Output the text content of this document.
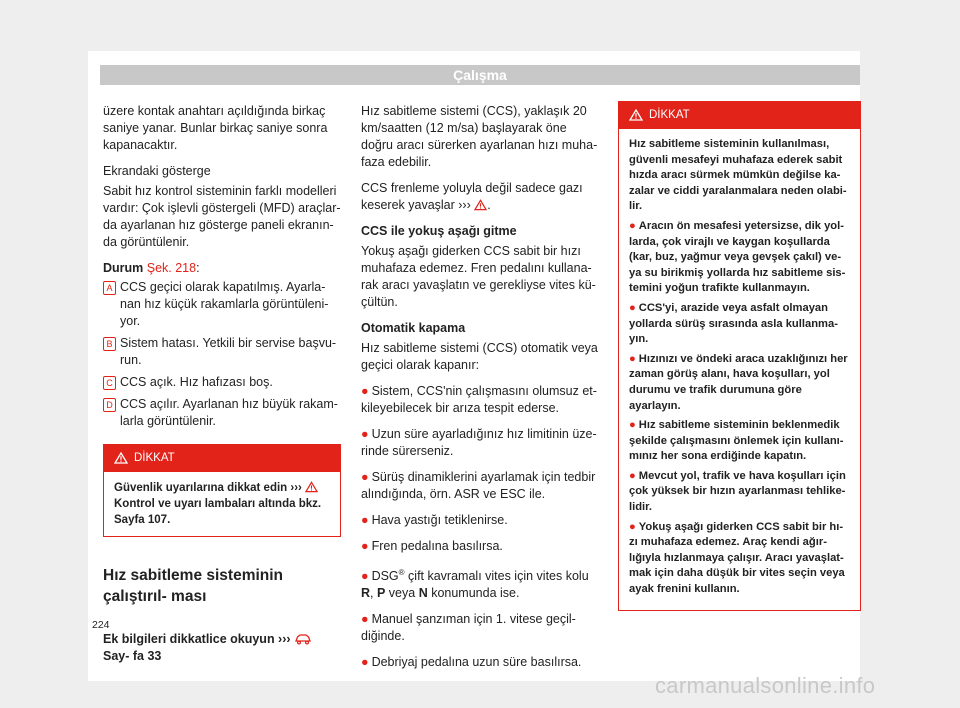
Çalışma

üzere kontak anahtarı açıldığında birkaç saniye yanar. Bunlar birkaç saniye sonra kapanacaktır.

Ekrandaki gösterge

Sabit hız kontrol sisteminin farklı modelleri vardır: Çok işlevli göstergeli (MFD) araçlar- da ayarlanan hız gösterge paneli ekranın- da görüntülenir.

Durum Şek. 218:
A CCS geçici olarak kapatılmış. Ayarla- nan hız küçük rakamlarla görüntüleni- yor.
B Sistem hatası. Yetkili bir servise başvu- run.
C CCS açık. Hız hafızası boş.
D CCS açılır. Ayarlanan hız büyük rakam- larla görüntülenir.
DİKKAT
Güvenlik uyarılarına dikkat edin ›››
Kontrol ve uyarı lambaları altında bkz. Sayfa 107.
Hız sabitleme sisteminin çalıştırıl- ması
Ek bilgileri dikkatlice okuyun ›››  Say- fa 33

Hız sabitleme sistemi (CCS), yaklaşık 20 km/saatten (12 m/sa) başlayarak öne doğru aracı sürerken ayarlanan hızı muha- faza edebilir.

CCS frenleme yoluyla değil sadece gazı keserek yavaşlar ››› .

CCS ile yokuş aşağı gitme

Yokuş aşağı giderken CCS sabit bir hızı muhafaza edemez. Fren pedalını kullana- rak aracı yavaşlatın ve gerekliyse vites kü- çültün.

Otomatik kapama

Hız sabitleme sistemi (CCS) otomatik veya geçici olarak kapanır:

● Sistem, CCS'nin çalışmasını olumsuz et- kileyebilecek bir arıza tespit ederse.

● Uzun süre ayarladığınız hız limitinin üze- rinde sürerseniz.

● Sürüş dinamiklerini ayarlamak için tedbir alındığında, örn. ASR ve ESC ile.

● Hava yastığı tetiklenirse.

● Fren pedalına basılırsa.

● DSG® çift kavramalı vites için vites kolu R, P veya N konumunda ise.

● Manuel şanzıman için 1. vitese geçil- diğinde.

● Debriyaj pedalına uzun süre basılırsa.

DİKKAT

Hız sabitleme sisteminin kullanılması, güvenli mesafeyi muhafaza ederek sabit hızda aracı sürmek mümkün değilse ka- zalar ve ciddi yaralanmalara neden olabi- lir.

● Aracın ön mesafesi yetersizse, dik yol- larda, çok virajlı ve kaygan koşullarda (kar, buz, yağmur veya gevşek çakıl) ve- ya su birikmiş yollarda hız sabitleme sis- temini yoğun trafikte kullanmayın.

● CCS'yi, arazide veya asfalt olmayan yollarda sürüş sırasında asla kullanma- yın.

● Hızınızı ve öndeki araca uzaklığınızı her zaman görüş alanı, hava koşulları, yol durumu ve trafik durumuna göre ayarlayın.

● Hız sabitleme sisteminin beklenmedik şekilde çalışmasını önlemek için kullanı- mınız her sona erdiğinde kapatın.

● Mevcut yol, trafik ve hava koşulları için çok yüksek bir hızın ayarlanması tehlike- lidir.

● Yokuş aşağı giderken CCS sabit bir hı- zı muhafaza edemez. Araç kendi ağır- lığıyla hızlanmaya çalışır. Aracı yavaşlat- mak için daha düşük bir vites seçin veya ayak frenini kullanın.

224
carmanualsonline.info
